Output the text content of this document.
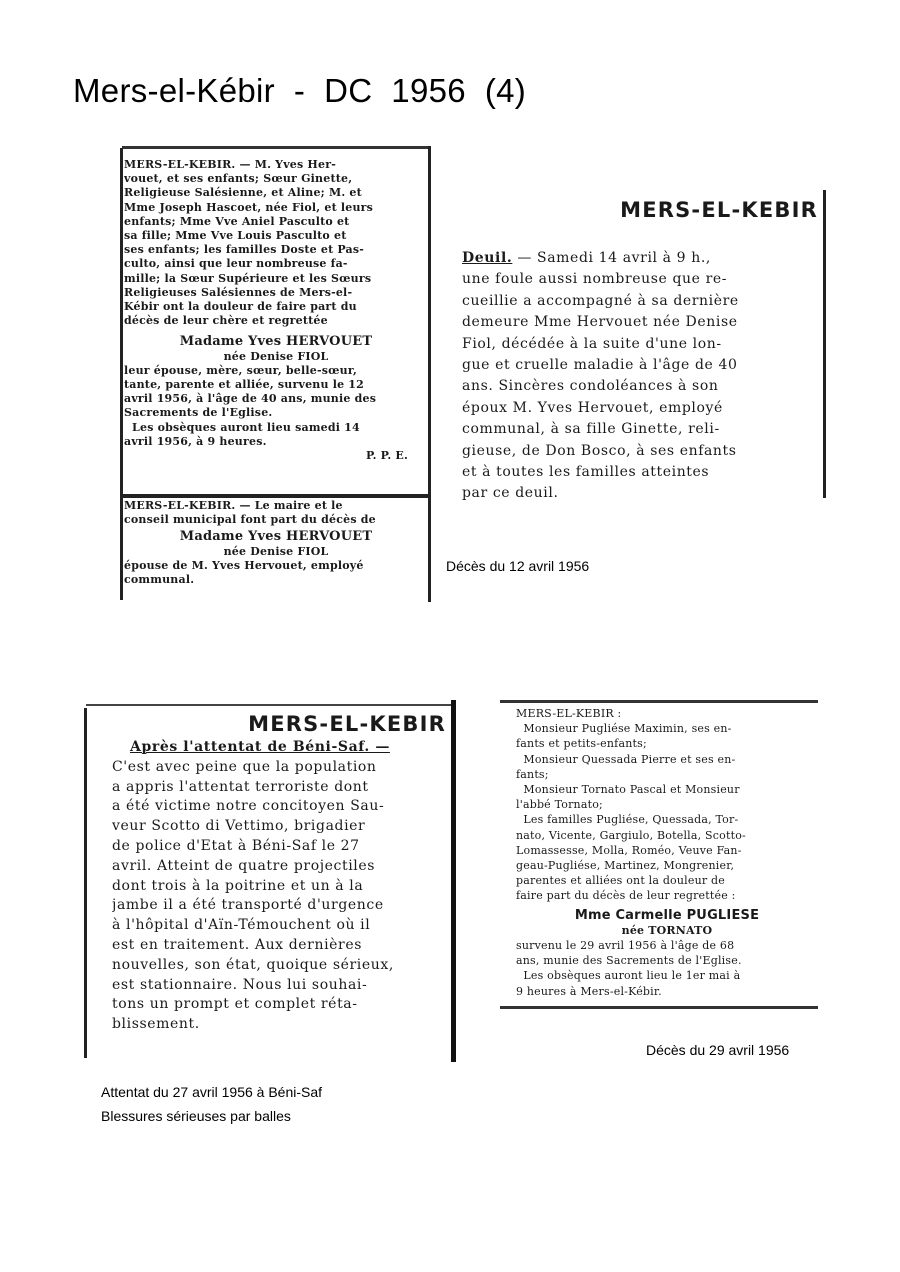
Mers-el-Kébir  -  DC  1956  (4)
MERS-EL-KEBIR. — M. Yves Her-
vouet, et ses enfants; Sœur Ginette,
Religieuse Salésienne, et Aline; M. et
Mme Joseph Hascoet, née Fiol, et leurs
enfants; Mme Vve Aniel Pasculto et
sa fille; Mme Vve Louis Pasculto et
ses enfants; les familles Doste et Pas-
culto, ainsi que leur nombreuse fa-
mille; la Sœur Supérieure et les Sœurs
Religieuses Salésiennes de Mers-el-
Kébir ont la douleur de faire part du
décès de leur chère et regrettée
Madame Yves HERVOUET
née Denise FIOL
leur épouse, mère, sœur, belle-sœur,
tante, parente et alliée, survenu le 12
avril 1956, à l'âge de 40 ans, munie des
Sacrements de l'Eglise.
Les obsèques auront lieu samedi 14
avril 1956, à 9 heures.
P. P. E.
MERS-EL-KEBIR. — Le maire et le
conseil municipal font part du décès de
Madame Yves HERVOUET
née Denise FIOL
épouse de M. Yves Hervouet, employé
communal.
MERS-EL-KEBIR
Deuil. — Samedi 14 avril à 9 h.,
une foule aussi nombreuse que re-
cueillie a accompagné à sa dernière
demeure Mme Hervouet née Denise
Fiol, décédée à la suite d'une lon-
gue et cruelle maladie à l'âge de 40
ans. Sincères condoléances à son
époux M. Yves Hervouet, employé
communal, à sa fille Ginette, reli-
gieuse, de Don Bosco, à ses enfants
et à toutes les familles atteintes
par ce deuil.
Décès du 12 avril 1956
MERS-EL-KEBIR
Après l'attentat de Béni-Saf. —
C'est avec peine que la population
a appris l'attentat terroriste dont
a été victime notre concitoyen Sau-
veur Scotto di Vettimo, brigadier
de police d'Etat à Béni-Saf le 27
avril. Atteint de quatre projectiles
dont trois à la poitrine et un à la
jambe il a été transporté d'urgence
à l'hôpital d'Aïn-Témouchent où il
est en traitement. Aux dernières
nouvelles, son état, quoique sérieux,
est stationnaire. Nous lui souhai-
tons un prompt et complet réta-
blissement.
MERS-EL-KEBIR :
Monsieur Pugliése Maximin, ses en-
fants et petits-enfants;
Monsieur Quessada Pierre et ses en-
fants;
Monsieur Tornato Pascal et Monsieur
l'abbé Tornato;
Les familles Pugliése, Quessada, Tor-
nato, Vicente, Gargiulo, Botella, Scotto-
Lomassesse, Molla, Roméo, Veuve Fan-
geau-Pugliése, Martinez, Mongrenier,
parentes et alliées ont la douleur de
faire part du décès de leur regrettée :
Mme Carmelle PUGLIESE
née TORNATO
survenu le 29 avril 1956 à l'âge de 68
ans, munie des Sacrements de l'Eglise.
Les obsèques auront lieu le 1er mai à
9 heures à Mers-el-Kébir.
Décès du 29 avril 1956
Attentat du 27 avril 1956 à Béni-Saf
Blessures sérieuses par balles
